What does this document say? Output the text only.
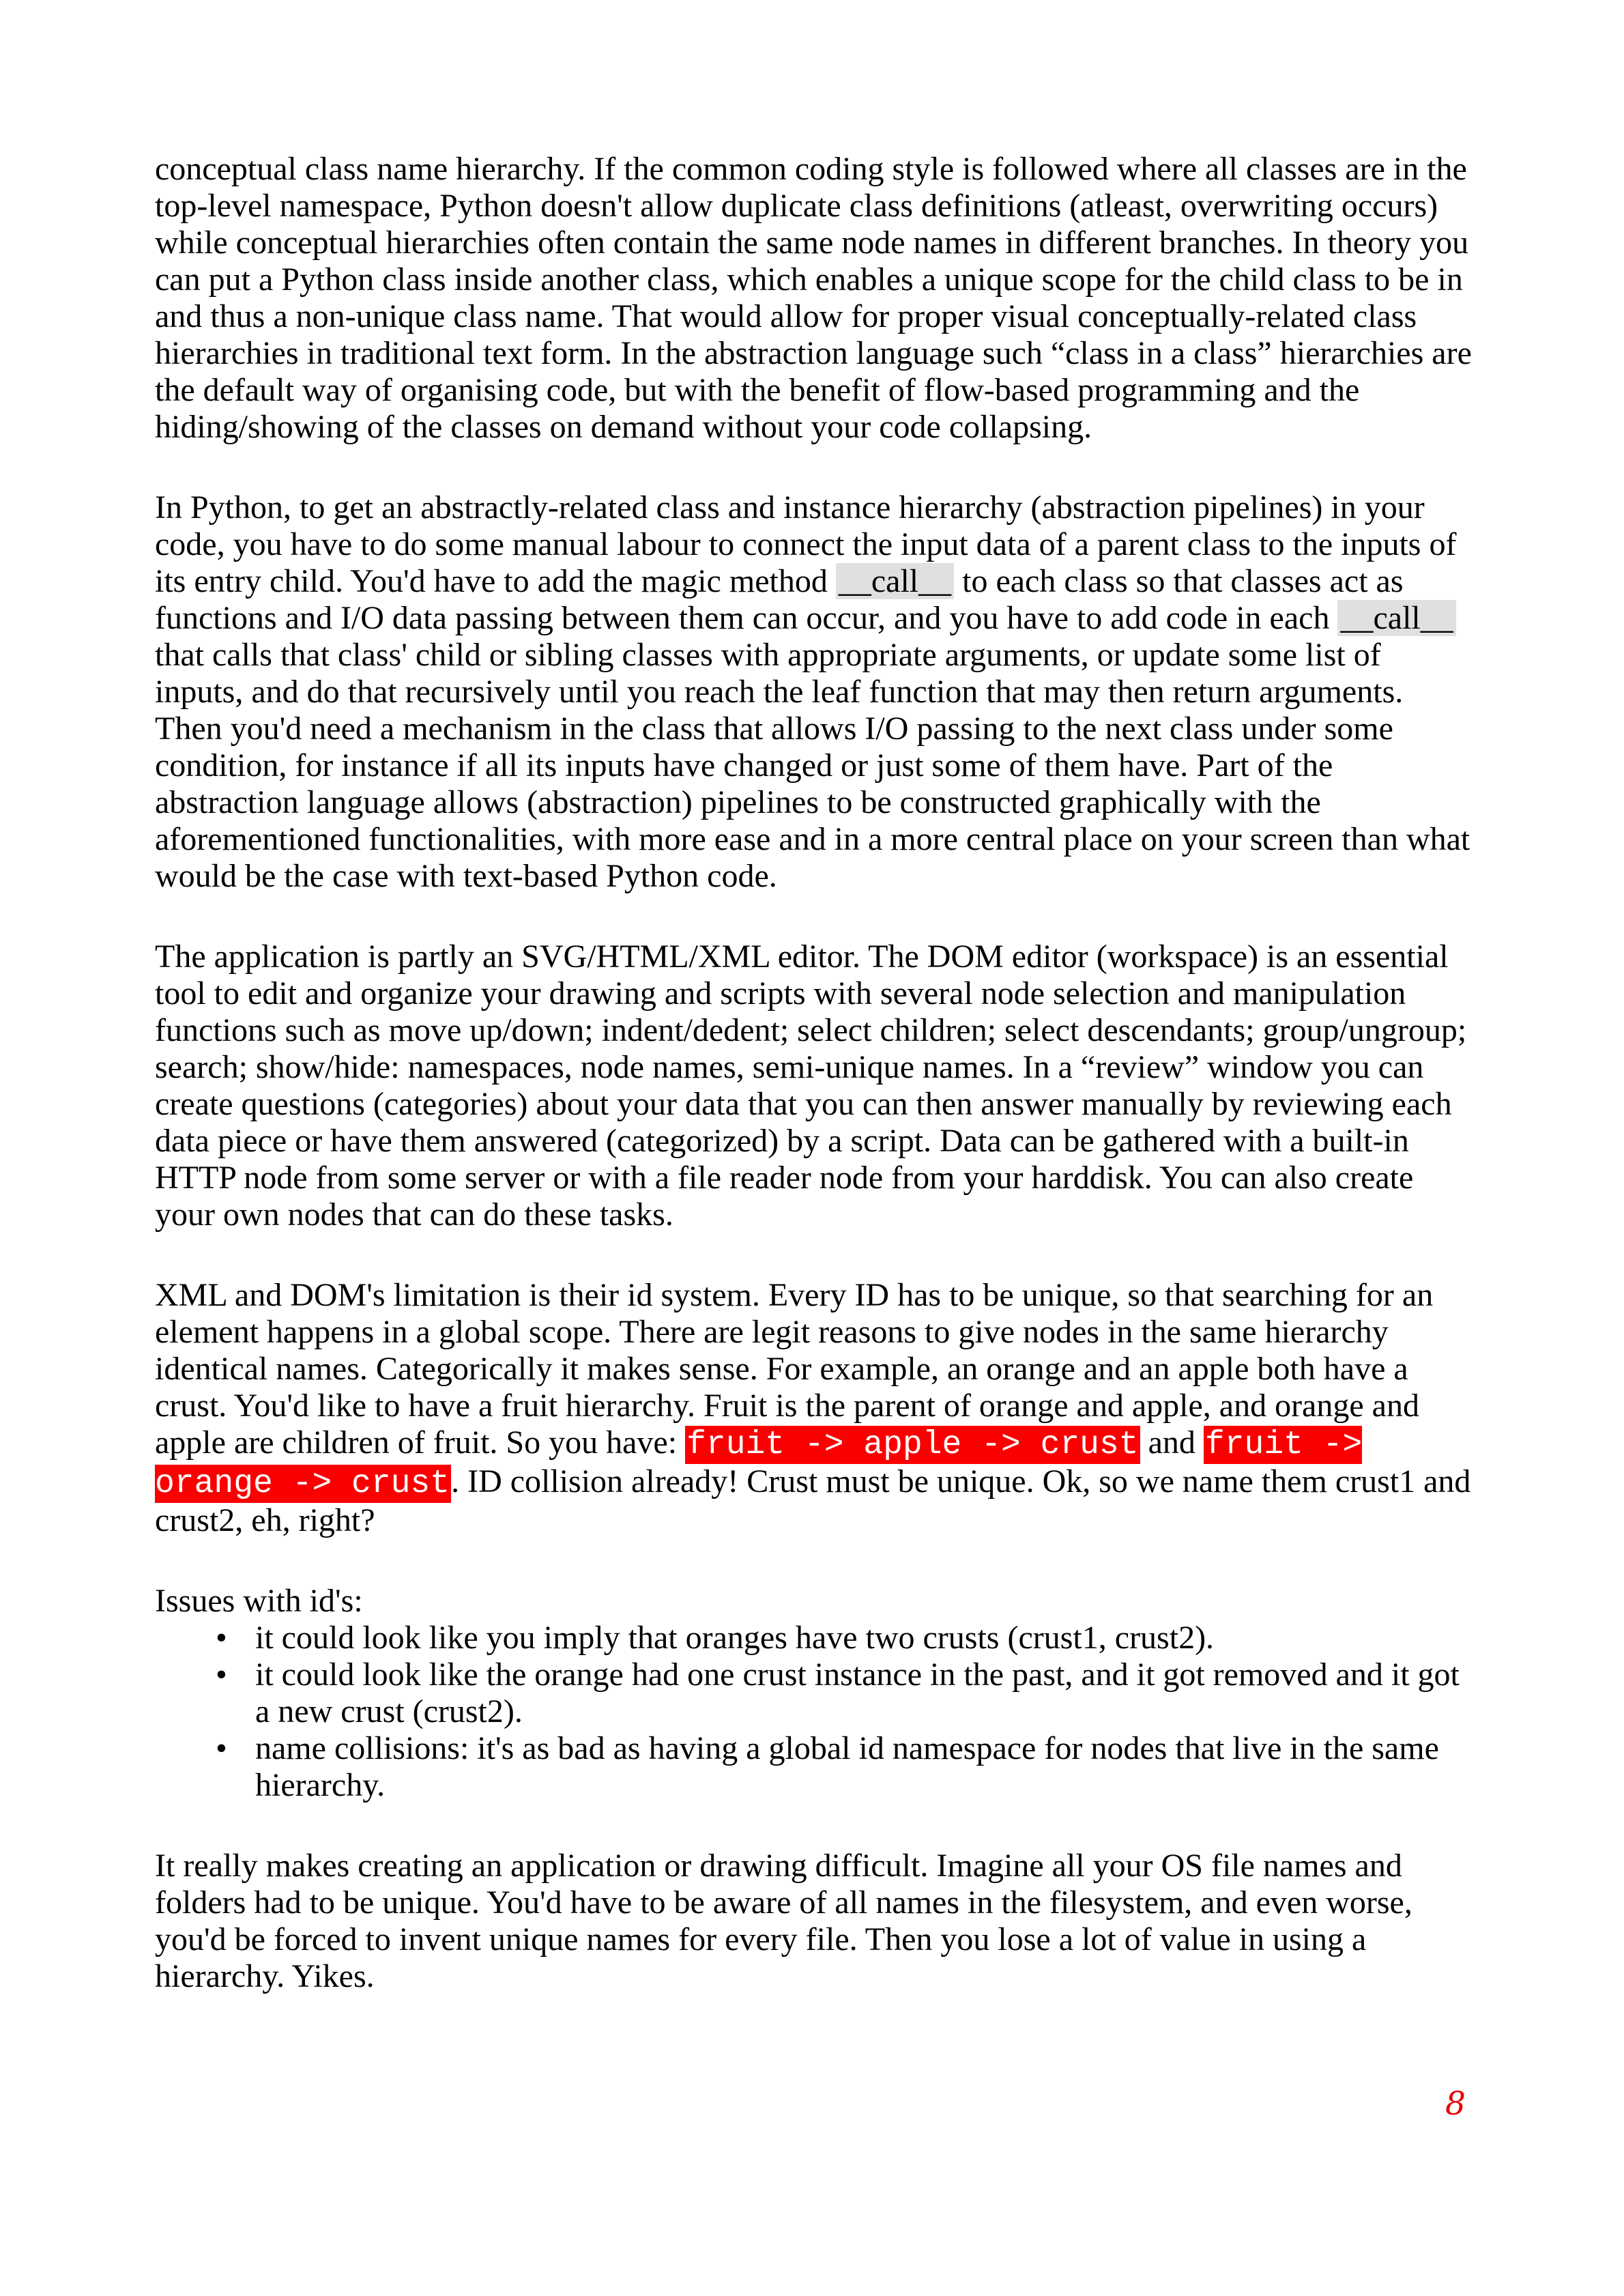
conceptual class name hierarchy. If the common coding style is followed where all classes are in the top-level namespace, Python doesn't allow duplicate class definitions (atleast, overwriting occurs) while conceptual hierarchies often contain the same node names in different branches. In theory you can put a Python class inside another class, which enables a unique scope for the child class to be in and thus a non-unique class name. That would allow for proper visual conceptually-related class hierarchies in traditional text form. In the abstraction language such “class in a class” hierarchies are the default way of organising code, but with the benefit of flow-based programming and the hiding/showing of the classes on demand without your code collapsing.
In Python, to get an abstractly-related class and instance hierarchy (abstraction pipelines) in your code, you have to do some manual labour to connect the input data of a parent class to the inputs of its entry child. You'd have to add the magic method __call__ to each class so that classes act as functions and I/O data passing between them can occur, and you have to add code in each __call__ that calls that class' child or sibling classes with appropriate arguments, or update some list of inputs, and do that recursively until you reach the leaf function that may then return arguments. Then you'd need a mechanism in the class that allows I/O passing to the next class under some condition, for instance if all its inputs have changed or just some of them have. Part of the abstraction language allows (abstraction) pipelines to be constructed graphically with the aforementioned functionalities, with more ease and in a more central place on your screen than what would be the case with text-based Python code.
The application is partly an SVG/HTML/XML editor. The DOM editor (workspace) is an essential tool to edit and organize your drawing and scripts with several node selection and manipulation functions such as move up/down; indent/dedent; select children; select descendants; group/ungroup; search; show/hide: namespaces, node names, semi-unique names. In a “review” window you can create questions (categories) about your data that you can then answer manually by reviewing each data piece or have them answered (categorized) by a script. Data can be gathered with a built-in HTTP node from some server or with a file reader node from your harddisk. You can also create your own nodes that can do these tasks.
XML and DOM's limitation is their id system. Every ID has to be unique, so that searching for an element happens in a global scope. There are legit reasons to give nodes in the same hierarchy identical names. Categorically it makes sense. For example, an orange and an apple both have a crust. You'd like to have a fruit hierarchy. Fruit is the parent of orange and apple, and orange and apple are children of fruit. So you have: fruit -> apple -> crust and fruit -> orange -> crust. ID collision already! Crust must be unique. Ok, so we name them crust1 and crust2, eh, right?
Issues with id's:
• it could look like you imply that oranges have two crusts (crust1, crust2).
• it could look like the orange had one crust instance in the past, and it got removed and it got a new crust (crust2).
• name collisions: it's as bad as having a global id namespace for nodes that live in the same hierarchy.
It really makes creating an application or drawing difficult. Imagine all your OS file names and folders had to be unique. You'd have to be aware of all names in the filesystem, and even worse, you'd be forced to invent unique names for every file. Then you lose a lot of value in using a hierarchy. Yikes.
8
